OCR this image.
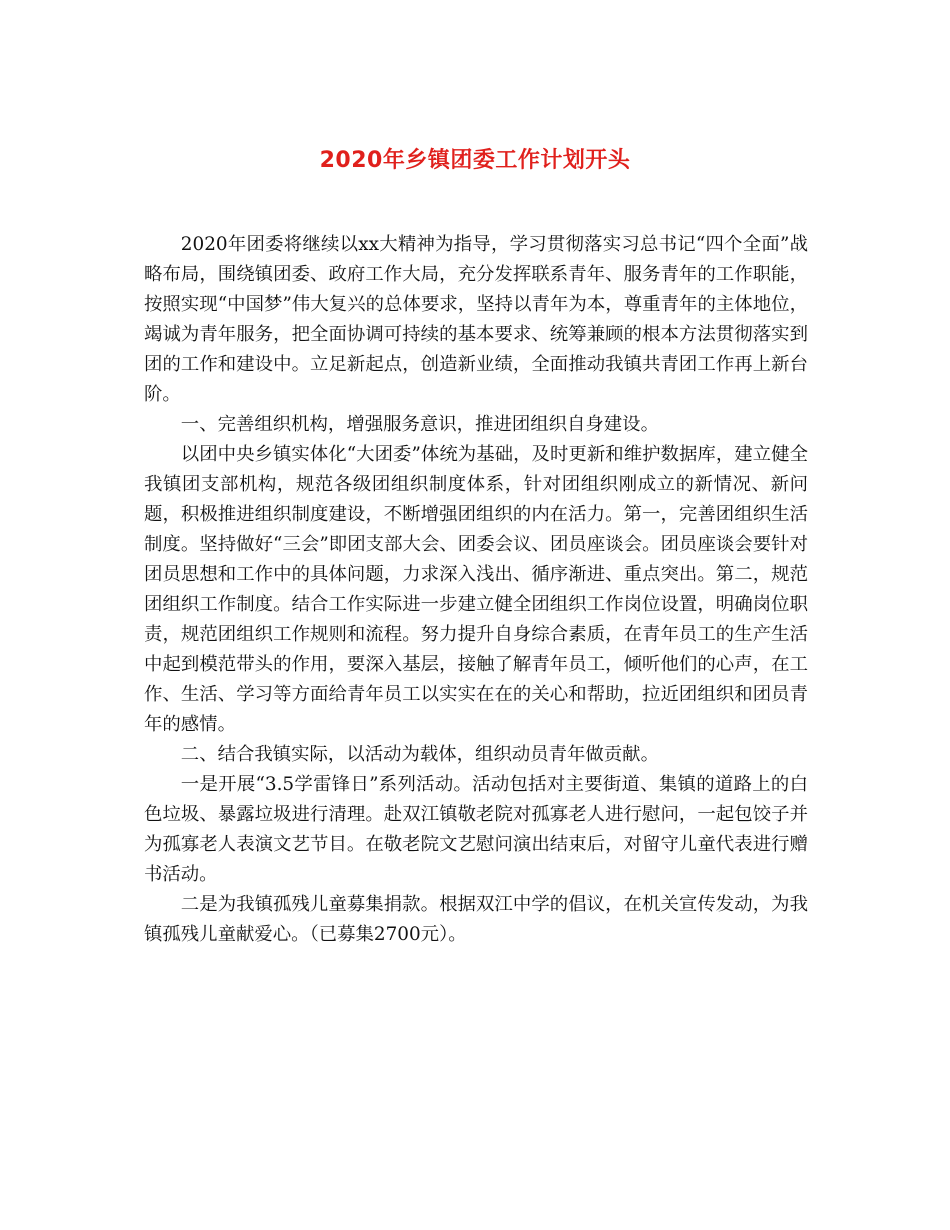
2020年乡镇团委工作计划开头

2020年团委将继续以xx大精神为指导，学习贯彻落实习总书记“四个全面”战略布局，围绕镇团委、政府工作大局，充分发挥联系青年、服务青年的工作职能，按照实现“中国梦”伟大复兴的总体要求，坚持以青年为本，尊重青年的主体地位，竭诚为青年服务，把全面协调可持续的基本要求、统筹兼顾的根本方法贯彻落实到团的工作和建设中。立足新起点，创造新业绩，全面推动我镇共青团工作再上新台阶。

一、完善组织机构，增强服务意识，推进团组织自身建设。

以团中央乡镇实体化“大团委”体统为基础，及时更新和维护数据库，建立健全我镇团支部机构，规范各级团组织制度体系，针对团组织刚成立的新情况、新问题，积极推进组织制度建设，不断增强团组织的内在活力。第一，完善团组织生活制度。坚持做好“三会”即团支部大会、团委会议、团员座谈会。团员座谈会要针对团员思想和工作中的具体问题，力求深入浅出、循序渐进、重点突出。第二，规范团组织工作制度。结合工作实际进一步建立健全团组织工作岗位设置，明确岗位职责，规范团组织工作规则和流程。努力提升自身综合素质，在青年员工的生产生活中起到模范带头的作用，要深入基层，接触了解青年员工，倾听他们的心声，在工作、生活、学习等方面给青年员工以实实在在的关心和帮助，拉近团组织和团员青年的感情。

二、结合我镇实际，以活动为载体，组织动员青年做贡献。

一是开展“3.5学雷锋日”系列活动。活动包括对主要街道、集镇的道路上的白色垃圾、暴露垃圾进行清理。赴双江镇敬老院对孤寡老人进行慰问，一起包饺子并为孤寡老人表演文艺节目。在敬老院文艺慰问演出结束后，对留守儿童代表进行赠书活动。

二是为我镇孤残儿童募集捐款。根据双江中学的倡议，在机关宣传发动，为我镇孤残儿童献爱心。（已募集2700元）。
